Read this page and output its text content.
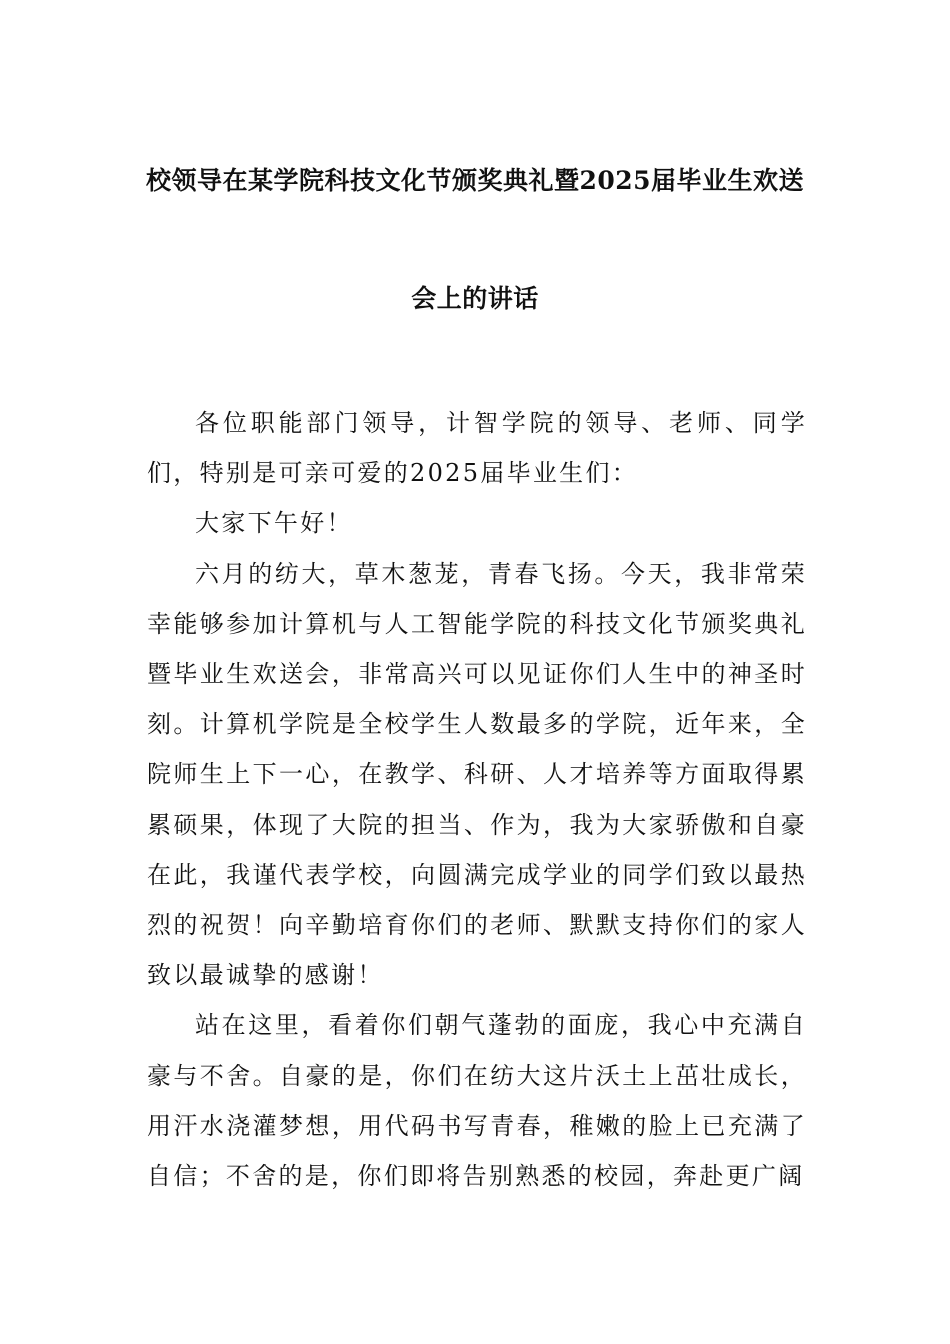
校领导在某学院科技文化节颁奖典礼暨2025届毕业生欢送
会上的讲话

各位职能部门领导，计智学院的领导、老师、同学们，特别是可亲可爱的2025届毕业生们：

大家下午好！

六月的纺大，草木葱茏，青春飞扬。今天，我非常荣幸能够参加计算机与人工智能学院的科技文化节颁奖典礼暨毕业生欢送会，非常高兴可以见证你们人生中的神圣时刻。计算机学院是全校学生人数最多的学院，近年来，全院师生上下一心，在教学、科研、人才培养等方面取得累累硕果，体现了大院的担当、作为，我为大家骄傲和自豪在此，我谨代表学校，向圆满完成学业的同学们致以最热烈的祝贺！向辛勤培育你们的老师、默默支持你们的家人致以最诚挚的感谢！

站在这里，看着你们朝气蓬勃的面庞，我心中充满自豪与不舍。自豪的是，你们在纺大这片沃土上茁壮成长，用汗水浇灌梦想，用代码书写青春，稚嫩的脸上已充满了自信；不舍的是，你们即将告别熟悉的校园，奔赴更广阔
